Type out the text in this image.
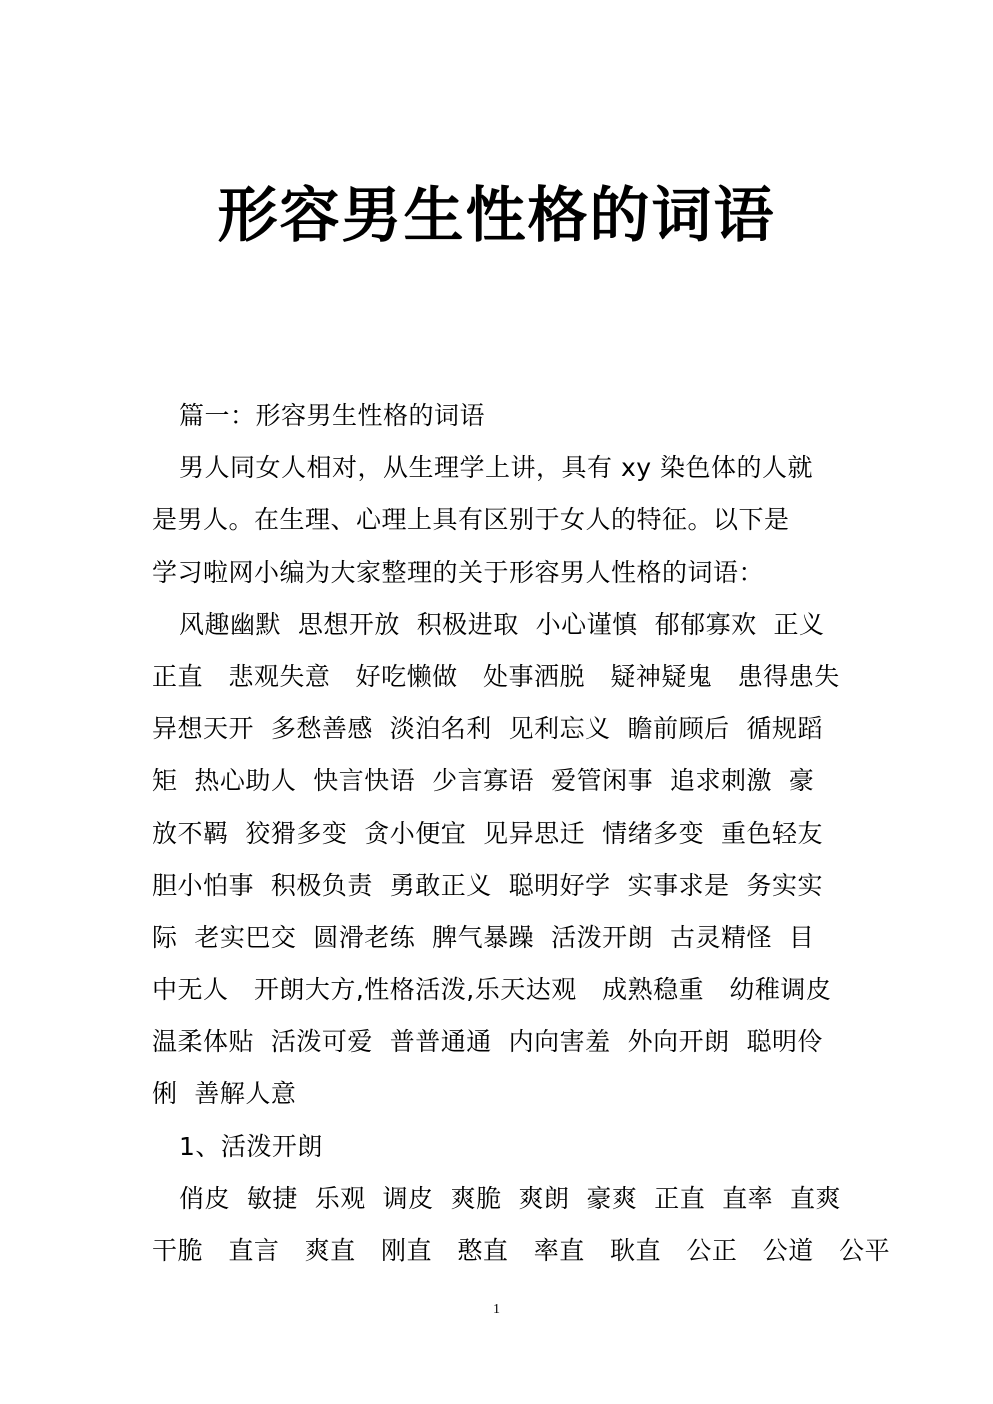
形容男生性格的词语
篇一：形容男生性格的词语
男人同女人相对，从生理学上讲，具有 xy 染色体的人就
是男人。在生理、心理上具有区别于女人的特征。以下是
学习啦网小编为大家整理的关于形容男人性格的词语：
风趣幽默  思想开放  积极进取  小心谨慎  郁郁寡欢  正义
正直   悲观失意   好吃懒做   处事洒脱   疑神疑鬼   患得患失
异想天开  多愁善感  淡泊名利  见利忘义  瞻前顾后  循规蹈
矩  热心助人  快言快语  少言寡语  爱管闲事  追求刺激  豪
放不羁  狡猾多变  贪小便宜  见异思迁  情绪多变  重色轻友
胆小怕事  积极负责  勇敢正义  聪明好学  实事求是  务实实
际  老实巴交  圆滑老练  脾气暴躁  活泼开朗  古灵精怪  目
中无人   开朗大方,性格活泼,乐天达观   成熟稳重   幼稚调皮
温柔体贴  活泼可爱  普普通通  内向害羞  外向开朗  聪明伶
俐  善解人意
1、活泼开朗
俏皮  敏捷  乐观  调皮  爽脆  爽朗  豪爽  正直  直率  直爽
干脆   直言   爽直   刚直   憨直   率直   耿直   公正   公道   公平
1
